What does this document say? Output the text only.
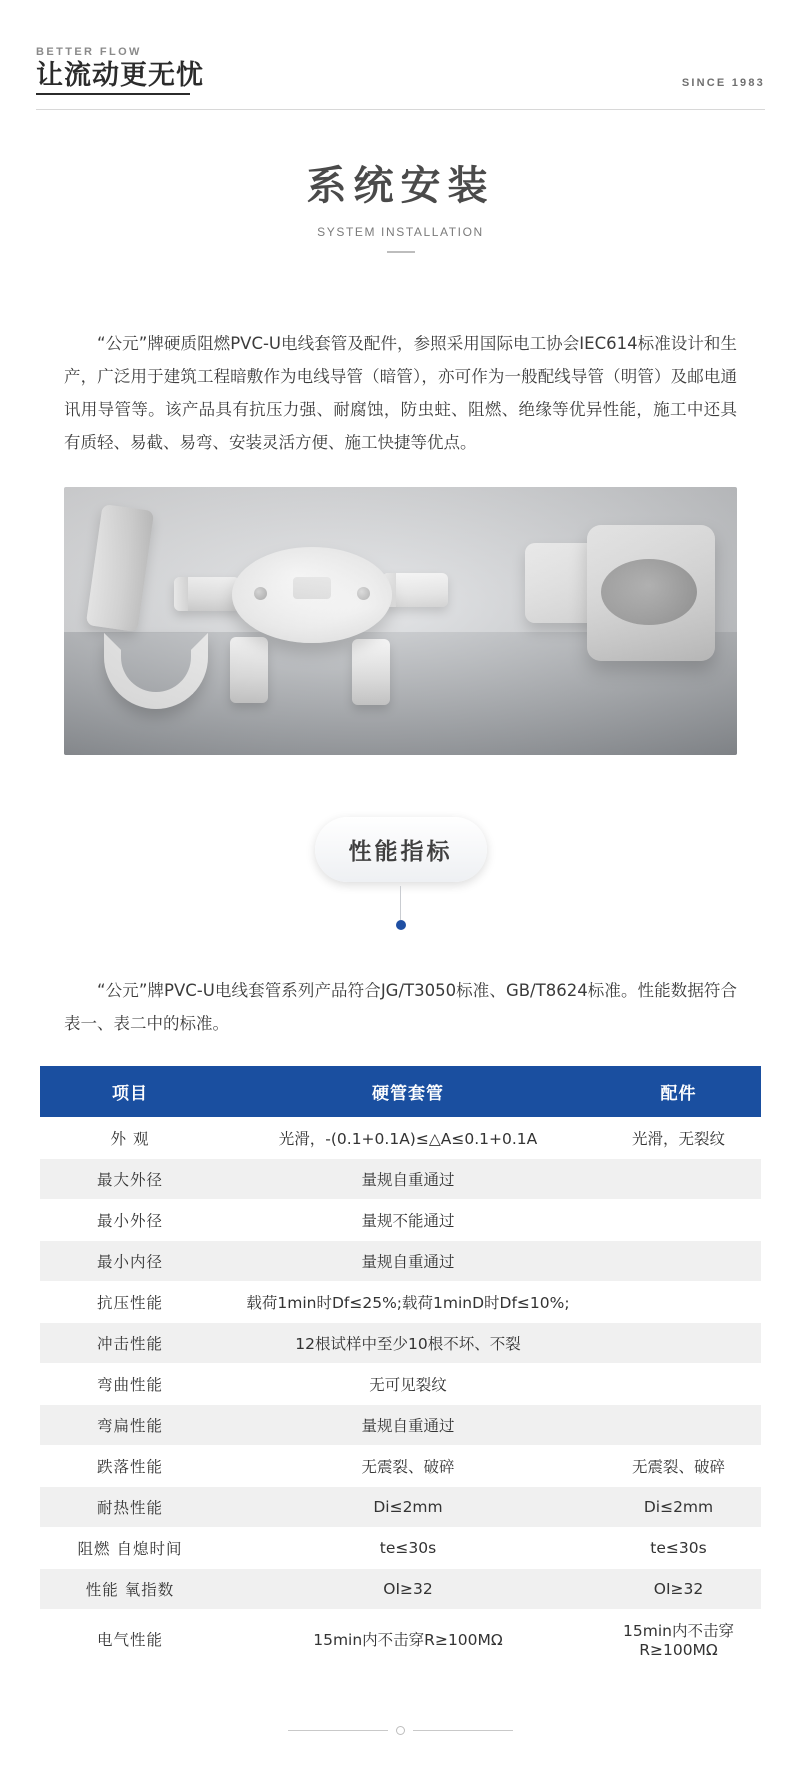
BETTER FLOW
让流动更无忧	SINCE 1983
系统安装
SYSTEM INSTALLATION

“公元”牌硬质阻燃PVC-U电线套管及配件，参照采用国际电工协会IEC614标准设计和生产，广泛用于建筑工程暗敷作为电线导管（暗管），亦可作为一般配线导管（明管）及邮电通讯用导管等。该产品具有抗压力强、耐腐蚀，防虫蛀、阻燃、绝缘等优异性能，施工中还具有质轻、易截、易弯、安装灵活方便、施工快捷等优点。

性能指标

“公元”牌PVC-U电线套管系列产品符合JG/T3050标准、GB/T8624标准。性能数据符合表一、表二中的标准。

项目	硬管套管	配件
外 观	光滑，-(0.1+0.1A)≤△A≤0.1+0.1A	光滑，无裂纹
最大外径	量规自重通过	
最小外径	量规不能通过	
最小内径	量规自重通过	
抗压性能	载荷1min时Df≤25%;载荷1minD时Df≤10%;	
冲击性能	12根试样中至少10根不坏、不裂	
弯曲性能	无可见裂纹	
弯扁性能	量规自重通过	
跌落性能	无震裂、破碎	无震裂、破碎
耐热性能	Di≤2mm	Di≤2mm
阻燃 自熄时间	te≤30s	te≤30s
性能 氧指数	OI≥32	OI≥32
电气性能	15min内不击穿R≥100MΩ	15min内不击穿R≥100MΩ
